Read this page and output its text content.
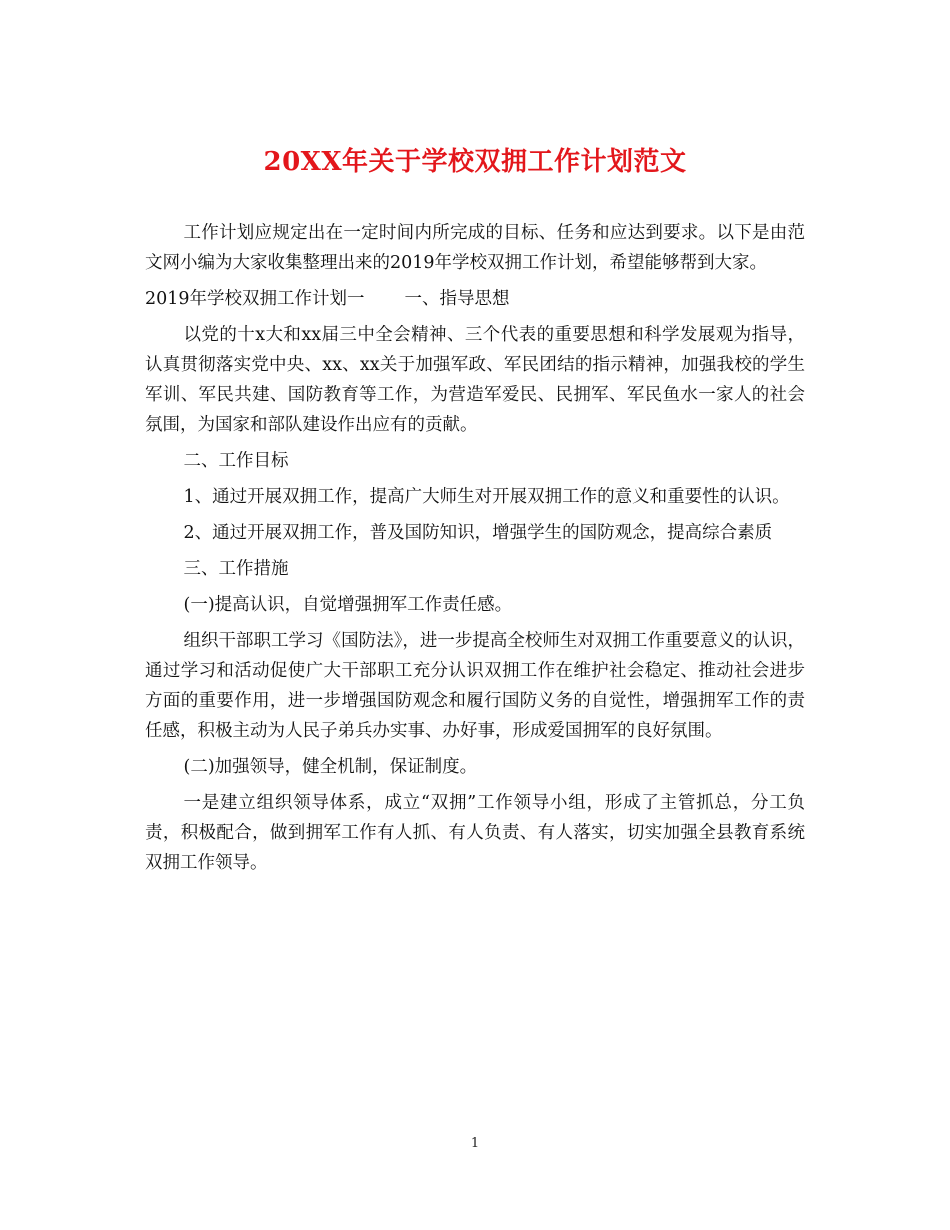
20XX年关于学校双拥工作计划范文

工作计划应规定出在一定时间内所完成的目标、任务和应达到要求。以下是由范文网小编为大家收集整理出来的2019年学校双拥工作计划，希望能够帮到大家。

2019年学校双拥工作计划一 一、指导思想

以党的十x大和xx届三中全会精神、三个代表的重要思想和科学发展观为指导，认真贯彻落实党中央、xx、xx关于加强军政、军民团结的指示精神，加强我校的学生军训、军民共建、国防教育等工作，为营造军爱民、民拥军、军民鱼水一家人的社会氛围，为国家和部队建设作出应有的贡献。

二、工作目标

1、通过开展双拥工作，提高广大师生对开展双拥工作的意义和重要性的认识。

2、通过开展双拥工作，普及国防知识，增强学生的国防观念，提高综合素质

三、工作措施

(一)提高认识，自觉增强拥军工作责任感。

组织干部职工学习《国防法》，进一步提高全校师生对双拥工作重要意义的认识，通过学习和活动促使广大干部职工充分认识双拥工作在维护社会稳定、推动社会进步方面的重要作用，进一步增强国防观念和履行国防义务的自觉性，增强拥军工作的责任感，积极主动为人民子弟兵办实事、办好事，形成爱国拥军的良好氛围。

(二)加强领导，健全机制，保证制度。

一是建立组织领导体系，成立“双拥”工作领导小组，形成了主管抓总，分工负责，积极配合，做到拥军工作有人抓、有人负责、有人落实，切实加强全县教育系统双拥工作领导。

1
